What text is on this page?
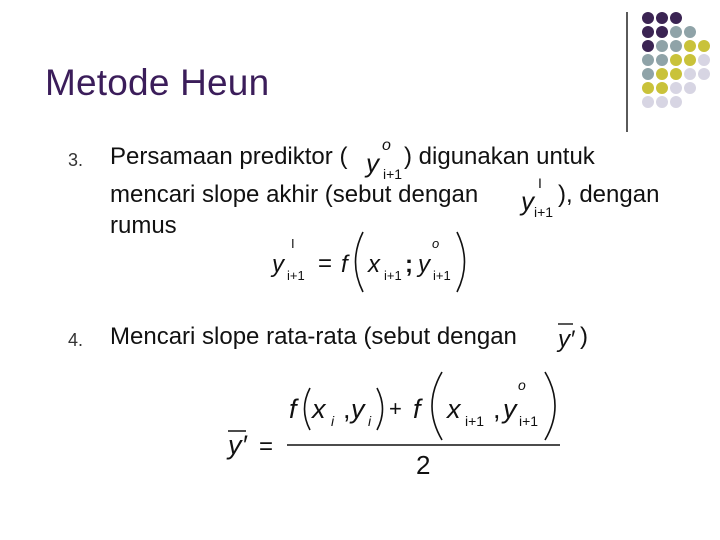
Metode Heun
3. Persamaan prediktor ( ) digunakan untuk
mencari slope akhir (sebut dengan	), dengan
rumus
4. Mencari slope rata-rata (sebut dengan	)
y
o
i+1
y
I
i+1
y
I
i+1 = f x i+1 ; y
o
i+1
y ′
y ′ =
f x i , y i + f x i+1 , y
o
i+1
2
